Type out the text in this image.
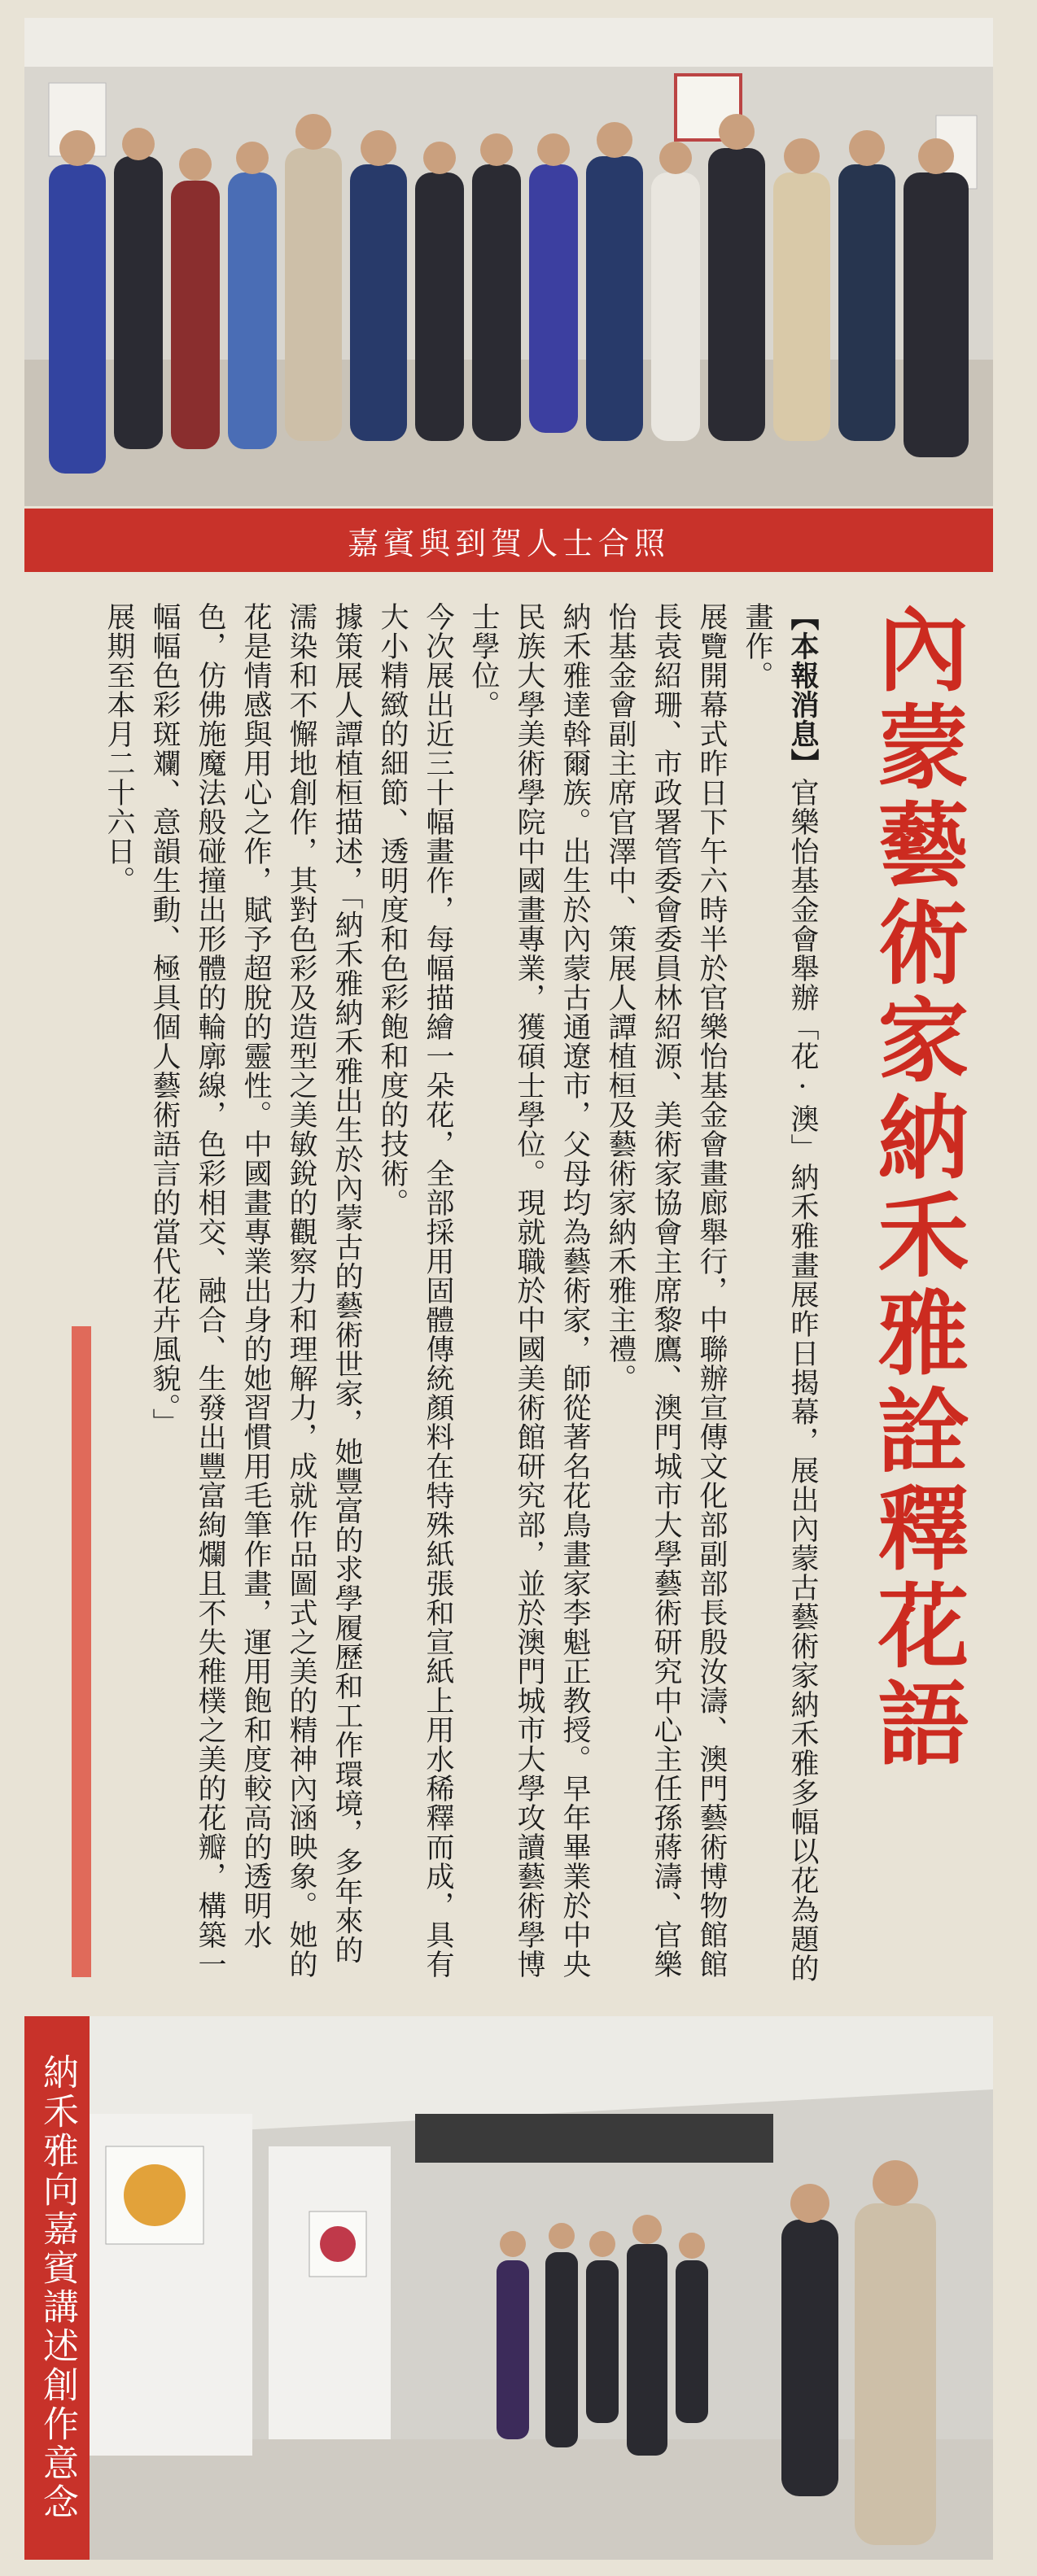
嘉賓與到賀人士合照
內蒙藝術家納禾雅詮釋花語

【本報消息】官樂怡基金會舉辦「花·澳」納禾雅畫展昨日揭幕，展出內蒙古藝術家納禾雅多幅以花為題的畫作。

展覽開幕式昨日下午六時半於官樂怡基金會畫廊舉行，中聯辦宣傳文化部副部長殷汝濤、澳門藝術博物館館長袁紹珊、市政署管委會委員林紹源、美術家協會主席黎鷹、澳門城市大學藝術研究中心主任孫蔣濤、官樂怡基金會副主席官澤中、策展人譚植桓及藝術家納禾雅主禮。

納禾雅達斡爾族。出生於內蒙古通遼市，父母均為藝術家，師從著名花鳥畫家李魁正教授。早年畢業於中央民族大學美術學院中國畫專業，獲碩士學位。現就職於中國美術館研究部，並於澳門城市大學攻讀藝術學博士學位。

今次展出近三十幅畫作，每幅描繪一朵花，全部採用固體傳統顏料在特殊紙張和宣紙上用水稀釋而成，具有大小精緻的細節、透明度和色彩飽和度的技術。

據策展人譚植桓描述，「納禾雅納禾雅出生於內蒙古的藝術世家，她豐富的求學履歷和工作環境，多年來的濡染和不懈地創作，其對色彩及造型之美敏銳的觀察力和理解力，成就作品圖式之美的精神內涵映象。她的花是情感與用心之作，賦予超脫的靈性。中國畫專業出身的她習慣用毛筆作畫，運用飽和度較高的透明水色，仿佛施魔法般碰撞出形體的輪廓線，色彩相交、融合、生發出豐富絢爛且不失稚樸之美的花瓣，構築一幅幅色彩斑斕、意韻生動、極具個人藝術語言的當代花卉風貌。」

展期至本月二十六日。

納禾雅向嘉賓講述創作意念
